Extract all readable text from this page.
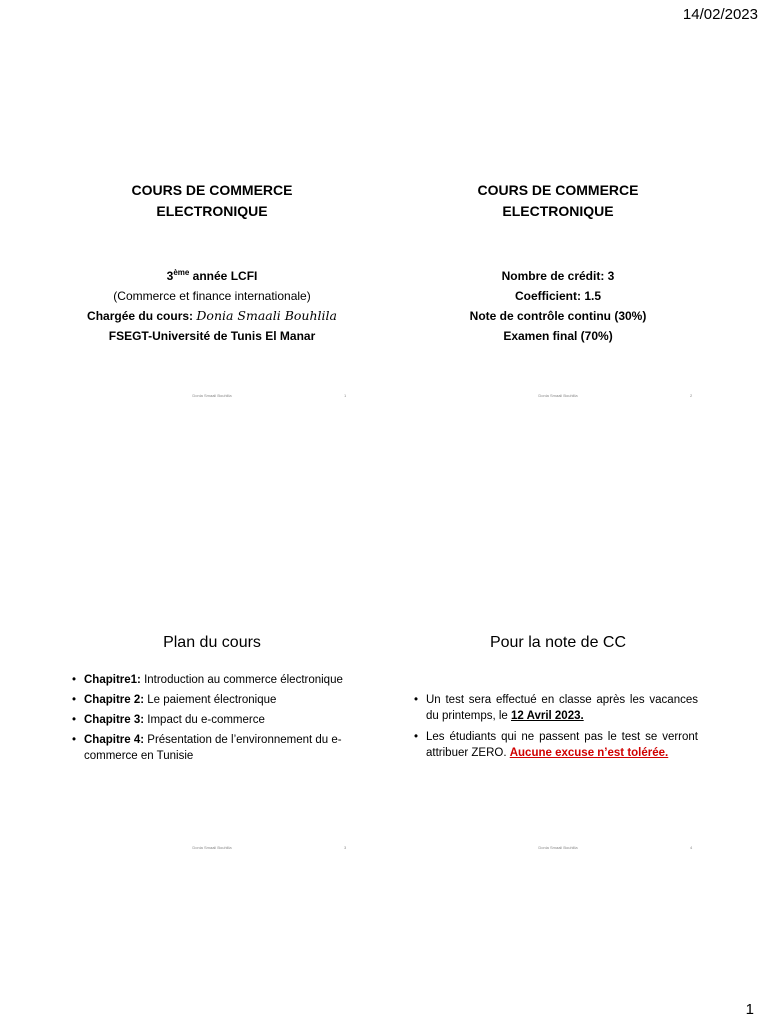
14/02/2023
COURS DE COMMERCE
ELECTRONIQUE
3ème année LCFI
(Commerce et finance internationale)
Chargée du cours: Donia Smaali Bouhlila
FSEGT-Université de Tunis El Manar
Donia Smaali Bouhlila	1
COURS DE COMMERCE
ELECTRONIQUE
Nombre de crédit: 3
Coefficient: 1.5
Note de contrôle continu (30%)
Examen final (70%)
Donia Smaali Bouhlila	2
Plan du cours
• Chapitre1: Introduction au commerce électronique
• Chapitre 2: Le paiement électronique
• Chapitre 3: Impact du e-commerce
• Chapitre 4: Présentation de l’environnement du e-commerce en Tunisie
Donia Smaali Bouhlila	3
Pour la note de CC
• Un test sera effectué en classe après les vacances du printemps, le 12 Avril 2023.
• Les étudiants qui ne passent pas le test se verront attribuer ZERO. Aucune excuse n’est tolérée.
Donia Smaali Bouhlila	4
1
